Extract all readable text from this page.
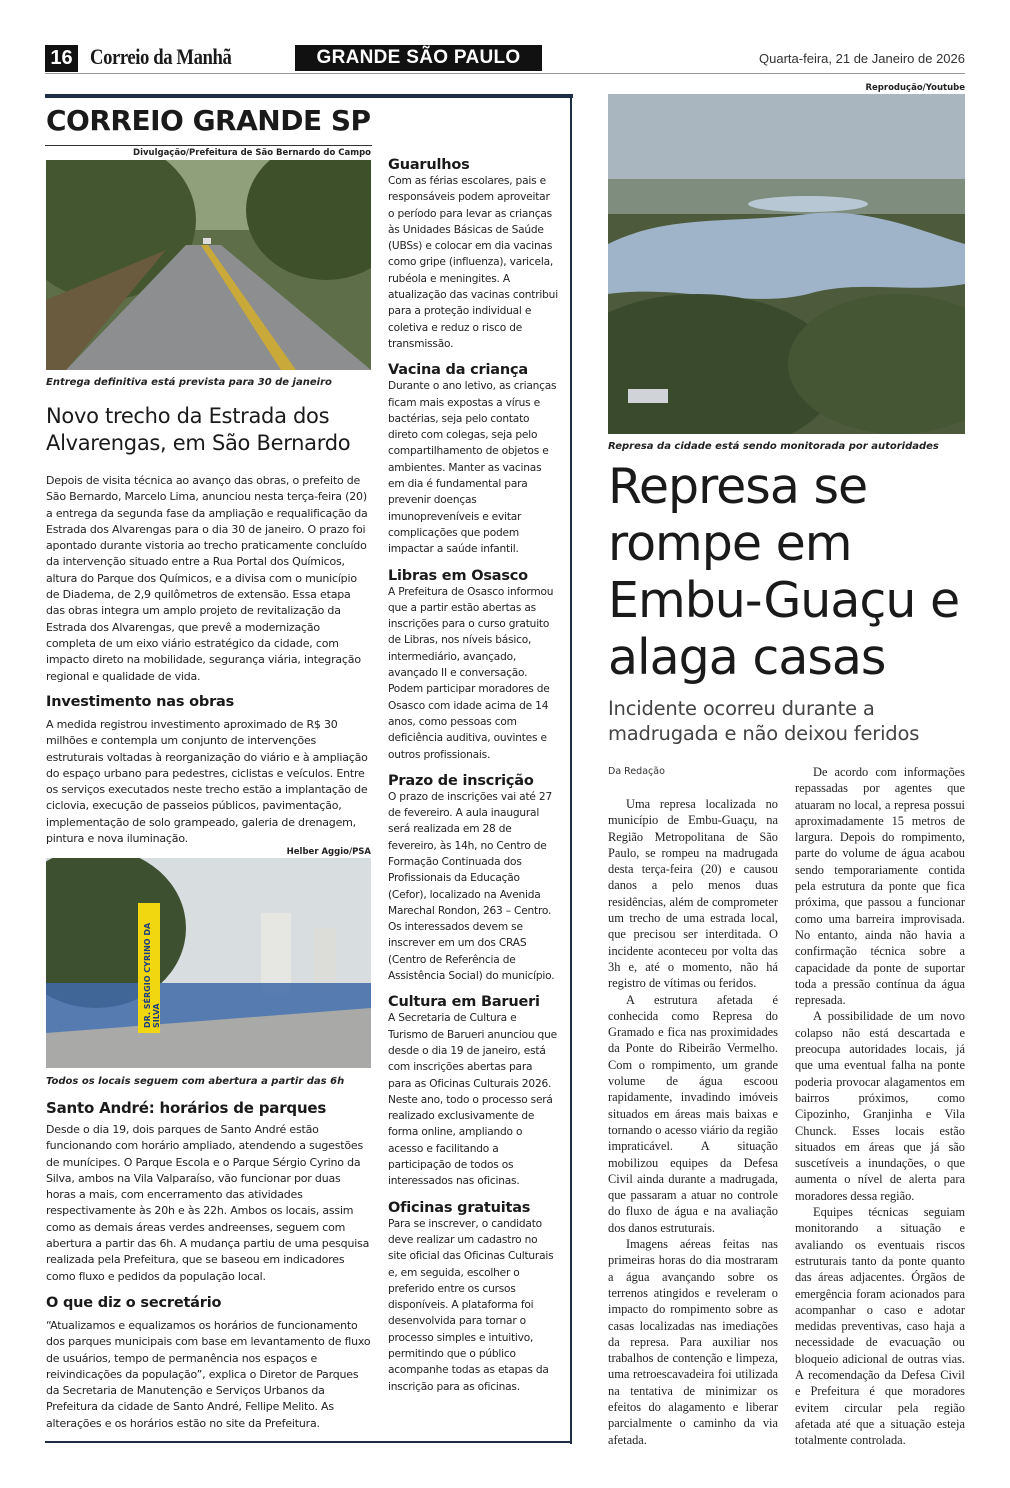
16 Correio da Manhã	GRANDE SÃO PAULO	Quarta-feira, 21 de Janeiro de 2026
CORREIO GRANDE SP
Divulgação/Prefeitura de São Bernardo do Campo
Entrega definitiva está prevista para 30 de janeiro
Novo trecho da Estrada dos Alvarengas, em São Bernardo
Depois de visita técnica ao avanço das obras, o prefeito de São Bernardo, Marcelo Lima, anunciou nesta terça-feira (20) a entrega da segunda fase da ampliação e requalificação da Estrada dos Alvarengas para o dia 30 de janeiro. O prazo foi apontado durante vistoria ao trecho praticamente concluído da intervenção situado entre a Rua Portal dos Químicos, altura do Parque dos Químicos, e a divisa com o município de Diadema, de 2,9 quilômetros de extensão. Essa etapa das obras integra um amplo projeto de revitalização da Estrada dos Alvarengas, que prevê a modernização completa de um eixo viário estratégico da cidade, com impacto direto na mobilidade, segurança viária, integração regional e qualidade de vida.
Investimento nas obras
A medida registrou investimento aproximado de R$ 30 milhões e contempla um conjunto de intervenções estruturais voltadas à reorganização do viário e à ampliação do espaço urbano para pedestres, ciclistas e veículos. Entre os serviços executados neste trecho estão a implantação de ciclovia, execução de passeios públicos, pavimentação, implementação de solo grampeado, galeria de drenagem, pintura e nova iluminação.
Helber Aggio/PSA
DR. SÉRGIO CYRINO DA SILVA
Todos os locais seguem com abertura a partir das 6h
Santo André: horários de parques
Desde o dia 19, dois parques de Santo André estão funcionando com horário ampliado, atendendo a sugestões de munícipes. O Parque Escola e o Parque Sérgio Cyrino da Silva, ambos na Vila Valparaíso, vão funcionar por duas horas a mais, com encerramento das atividades respectivamente às 20h e às 22h. Ambos os locais, assim como as demais áreas verdes andreenses, seguem com abertura a partir das 6h. A mudança partiu de uma pesquisa realizada pela Prefeitura, que se baseou em indicadores como fluxo e pedidos da população local.
O que diz o secretário
“Atualizamos e equalizamos os horários de funcionamento dos parques municipais com base em levantamento de fluxo de usuários, tempo de permanência nos espaços e reivindicações da população”, explica o Diretor de Parques da Secretaria de Manutenção e Serviços Urbanos da Prefeitura da cidade de Santo André, Fellipe Melito. As alterações e os horários estão no site da Prefeitura.
Guarulhos
Com as férias escolares, pais e responsáveis podem aproveitar o período para levar as crianças às Unidades Básicas de Saúde (UBSs) e colocar em dia vacinas como gripe (influenza), varicela, rubéola e meningites. A atualização das vacinas contribui para a proteção individual e coletiva e reduz o risco de transmissão.
Vacina da criança
Durante o ano letivo, as crianças ficam mais expostas a vírus e bactérias, seja pelo contato direto com colegas, seja pelo compartilhamento de objetos e ambientes. Manter as vacinas em dia é fundamental para prevenir doenças imunopreveníveis e evitar complicações que podem impactar a saúde infantil.
Libras em Osasco
A Prefeitura de Osasco informou que a partir estão abertas as inscrições para o curso gratuito de Libras, nos níveis básico, intermediário, avançado, avançado II e conversação. Podem participar moradores de Osasco com idade acima de 14 anos, como pessoas com deficiência auditiva, ouvintes e outros profissionais.
Prazo de inscrição
O prazo de inscrições vai até 27 de fevereiro. A aula inaugural será realizada em 28 de fevereiro, às 14h, no Centro de Formação Continuada dos Profissionais da Educação (Cefor), localizado na Avenida Marechal Rondon, 263 – Centro. Os interessados devem se inscrever em um dos CRAS (Centro de Referência de Assistência Social) do município.
Cultura em Barueri
A Secretaria de Cultura e Turismo de Barueri anunciou que desde o dia 19 de janeiro, está com inscrições abertas para para as Oficinas Culturais 2026. Neste ano, todo o processo será realizado exclusivamente de forma online, ampliando o acesso e facilitando a participação de todos os interessados nas oficinas.
Oficinas gratuitas
Para se inscrever, o candidato deve realizar um cadastro no site oficial das Oficinas Culturais e, em seguida, escolher o preferido entre os cursos disponíveis. A plataforma foi desenvolvida para tornar o processo simples e intuitivo, permitindo que o público acompanhe todas as etapas da inscrição para as oficinas.
Reprodução/Youtube
Represa da cidade está sendo monitorada por autoridades
Represa se rompe em Embu-Guaçu e alaga casas
Incidente ocorreu durante a madrugada e não deixou feridos
Da Redação

Uma represa localizada no município de Embu-Guaçu, na Região Metropolitana de São Paulo, se rompeu na madrugada desta terça-feira (20) e causou danos a pelo menos duas residências, além de comprometer um trecho de uma estrada local, que precisou ser interditada. O incidente aconteceu por volta das 3h e, até o momento, não há registro de vítimas ou feridos.

A estrutura afetada é conhecida como Represa do Gramado e fica nas proximidades da Ponte do Ribeirão Vermelho. Com o rompimento, um grande volume de água escoou rapidamente, invadindo imóveis situados em áreas mais baixas e tornando o acesso viário da região impraticável. A situação mobilizou equipes da Defesa Civil ainda durante a madrugada, que passaram a atuar no controle do fluxo de água e na avaliação dos danos estruturais.

Imagens aéreas feitas nas primeiras horas do dia mostraram a água avançando sobre os terrenos atingidos e reveleram o impacto do rompimento sobre as casas localizadas nas imediações da represa. Para auxiliar nos trabalhos de contenção e limpeza, uma retroescavadeira foi utilizada na tentativa de minimizar os efeitos do alagamento e liberar parcialmente o caminho da via afetada.

De acordo com informações repassadas por agentes que atuaram no local, a represa possui aproximadamente 15 metros de largura. Depois do rompimento, parte do volume de água acabou sendo temporariamente contida pela estrutura da ponte que fica próxima, que passou a funcionar como uma barreira improvisada. No entanto, ainda não havia a confirmação técnica sobre a capacidade da ponte de suportar toda a pressão contínua da água represada.

A possibilidade de um novo colapso não está descartada e preocupa autoridades locais, já que uma eventual falha na ponte poderia provocar alagamentos em bairros próximos, como Cipozinho, Granjinha e Vila Chunck. Esses locais estão situados em áreas que já são suscetíveis a inundações, o que aumenta o nível de alerta para moradores dessa região.

Equipes técnicas seguiam monitorando a situação e avaliando os eventuais riscos estruturais tanto da ponte quanto das áreas adjacentes. Órgãos de emergência foram acionados para acompanhar o caso e adotar medidas preventivas, caso haja a necessidade de evacuação ou bloqueio adicional de outras vias. A recomendação da Defesa Civil e Prefeitura é que moradores evitem circular pela região afetada até que a situação esteja totalmente controlada.
